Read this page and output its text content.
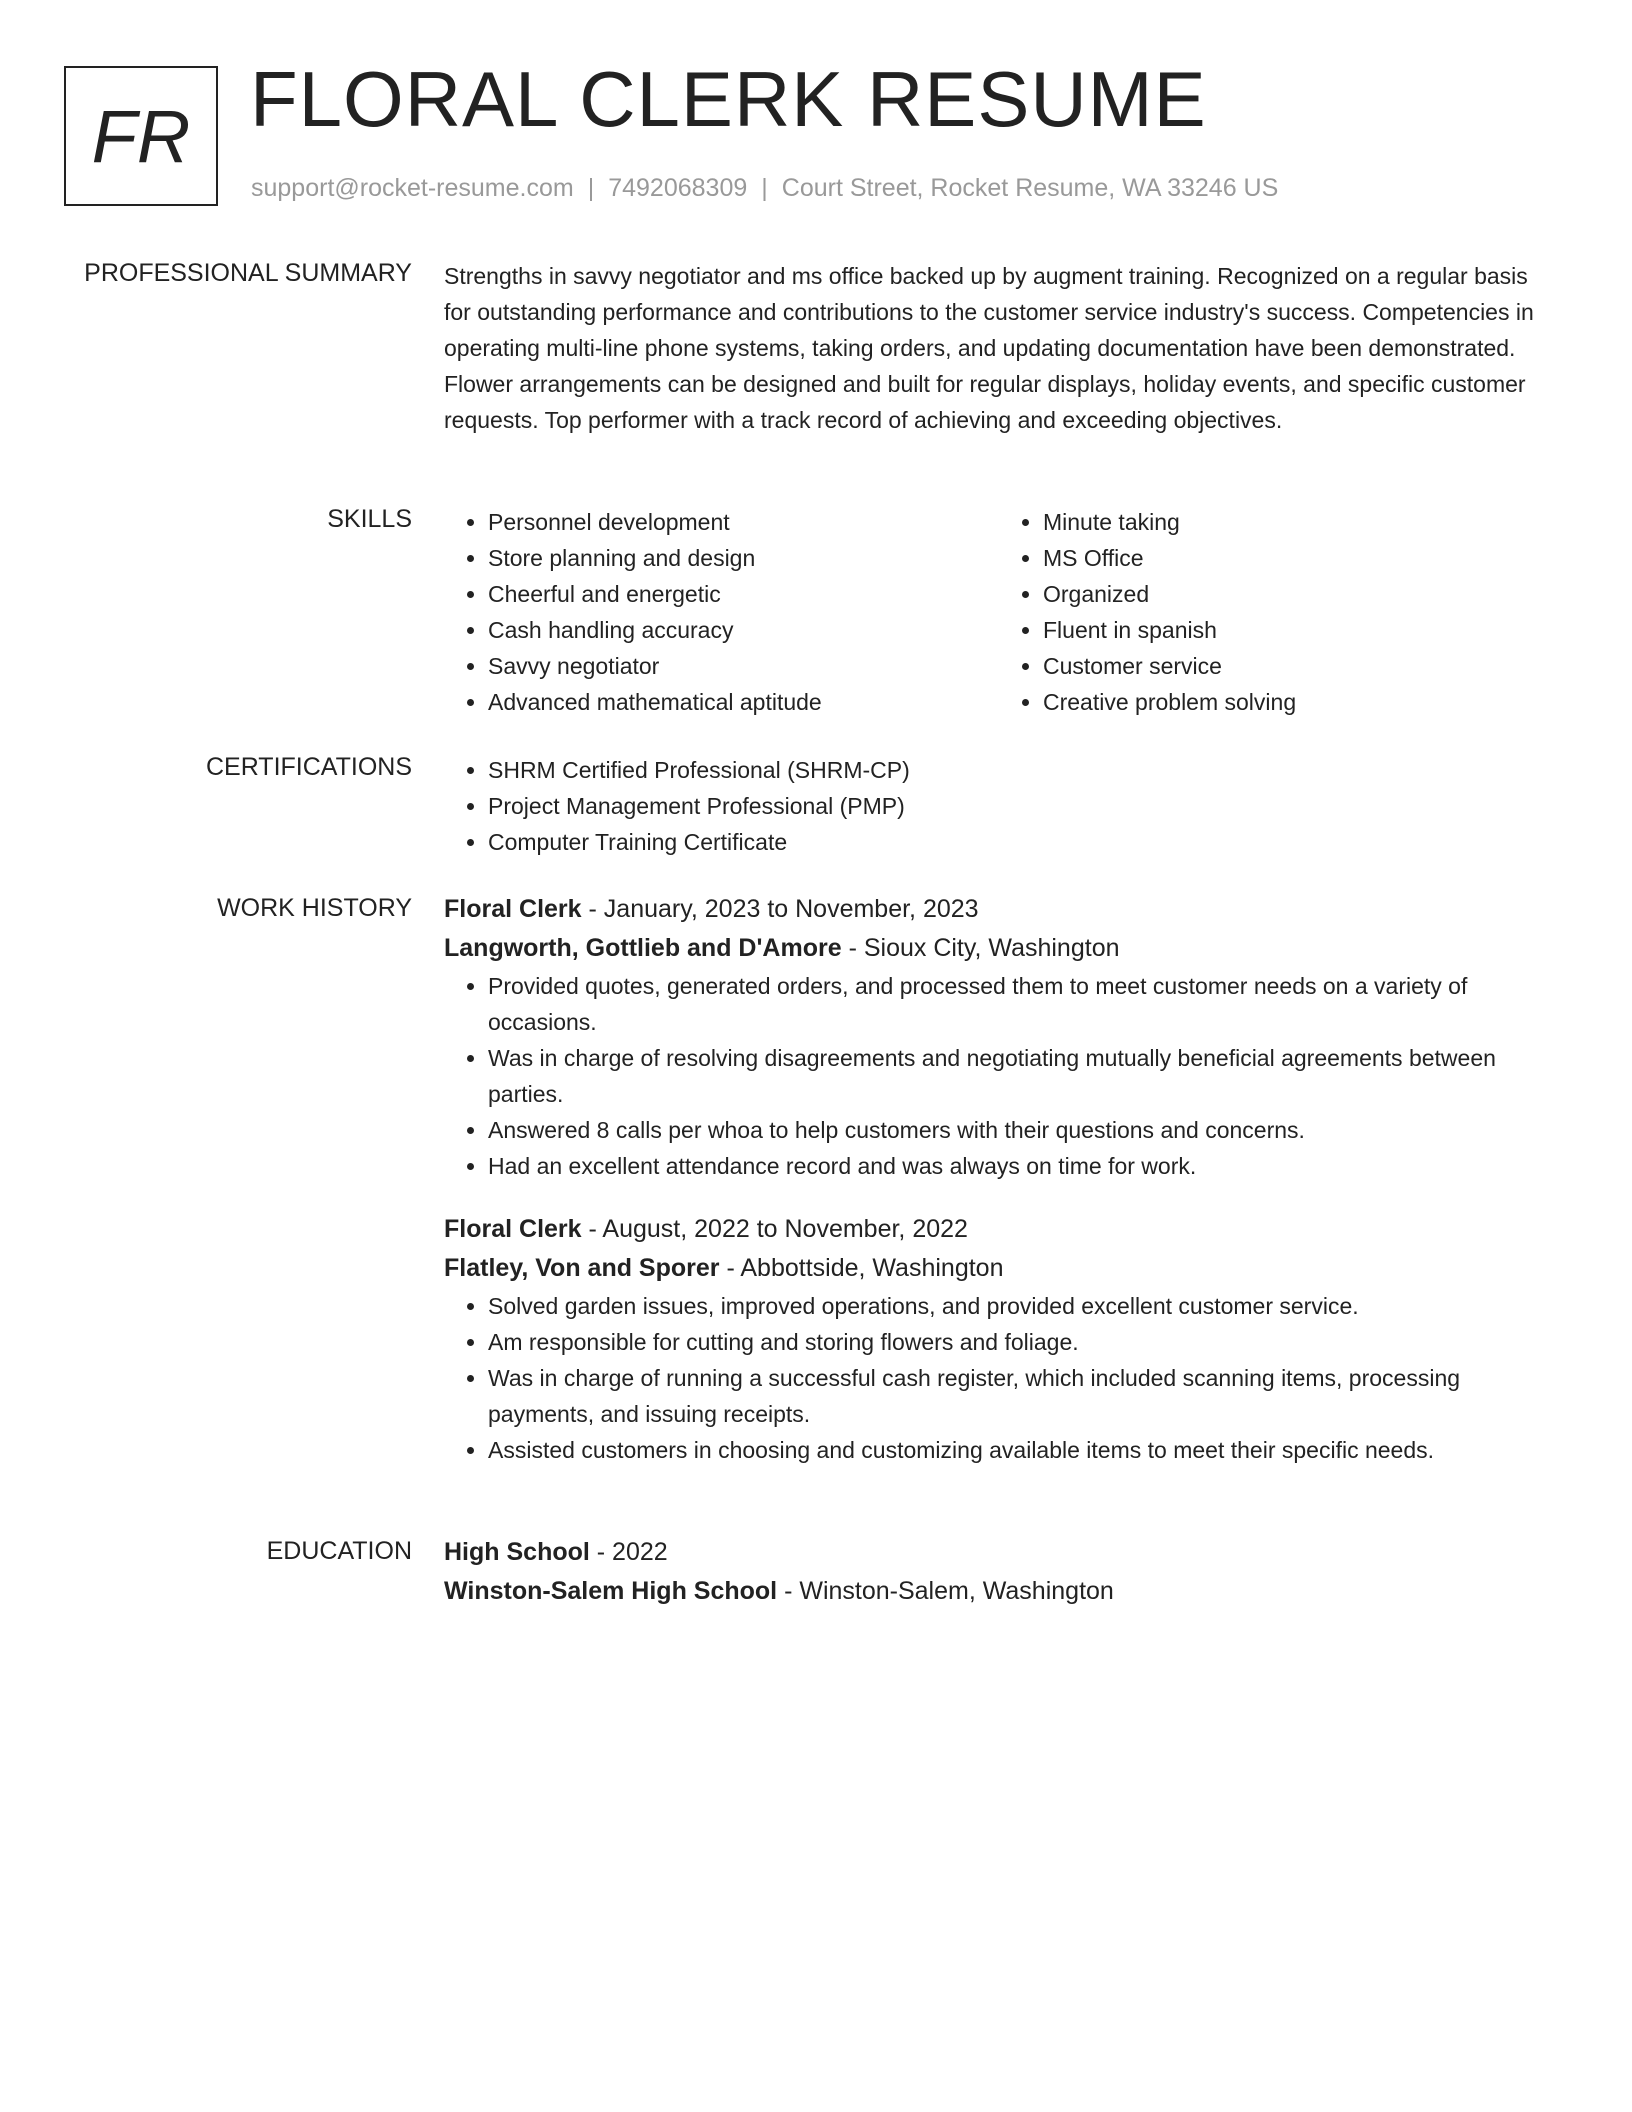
FR FLORAL CLERK RESUME
support@rocket-resume.com | 7492068309 | Court Street, Rocket Resume, WA 33246 US
PROFESSIONAL SUMMARY Strengths in savvy negotiator and ms office backed up by augment training. Recognized on a regular basis for outstanding performance and contributions to the customer service industry's success. Competencies in operating multi-line phone systems, taking orders, and updating documentation have been demonstrated. Flower arrangements can be designed and built for regular displays, holiday events, and specific customer requests. Top performer with a track record of achieving and exceeding objectives.

SKILLS	• Personnel development
• Store planning and design
• Cheerful and energetic
• Cash handling accuracy
• Savvy negotiator
• Advanced mathematical aptitude
• Minute taking
• MS Office
• Organized
• Fluent in spanish
• Customer service
• Creative problem solving
CERTIFICATIONS	• SHRM Certified Professional (SHRM-CP)
• Project Management Professional (PMP)
• Computer Training Certificate
WORK HISTORY Floral Clerk - January, 2023 to November, 2023
Langworth, Gottlieb and D'Amore - Sioux City, Washington
• Provided quotes, generated orders, and processed them to meet customer needs on a variety of occasions.
• Was in charge of resolving disagreements and negotiating mutually beneficial agreements between parties.
• Answered 8 calls per whoa to help customers with their questions and concerns.
• Had an excellent attendance record and was always on time for work.
Floral Clerk - August, 2022 to November, 2022
Flatley, Von and Sporer - Abbottside, Washington
• Solved garden issues, improved operations, and provided excellent customer service.
• Am responsible for cutting and storing flowers and foliage.
• Was in charge of running a successful cash register, which included scanning items, processing payments, and issuing receipts.
• Assisted customers in choosing and customizing available items to meet their specific needs.
EDUCATION High School - 2022
Winston-Salem High School - Winston-Salem, Washington
